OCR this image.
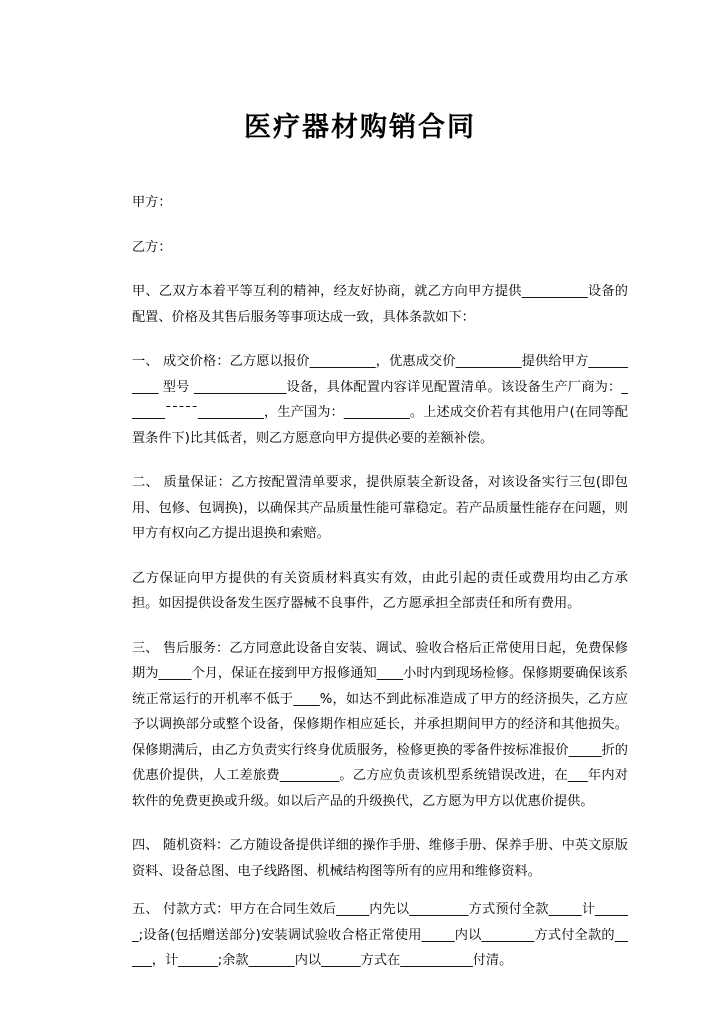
医疗器材购销合同

甲方：

乙方：

甲、乙双方本着平等互利的精神，经友好协商，就乙方向甲方提供__________设备的配置、价格及其售后服务等事项达成一致，具体条款如下：

一、 成交价格：乙方愿以报价__________，优惠成交价__________提供给甲方__________ 型号 ______________设备，具体配置内容详见配置清单。该设备生产厂商为：______ˉˉˉˉˉ__________，生产国为：__________。上述成交价若有其他用户(在同等配置条件下)比其低者，则乙方愿意向甲方提供必要的差额补偿。

二、 质量保证：乙方按配置清单要求，提供原装全新设备，对该设备实行三包(即包用、包修、包调换)，以确保其产品质量性能可靠稳定。若产品质量性能存在问题，则甲方有权向乙方提出退换和索赔。

乙方保证向甲方提供的有关资质材料真实有效，由此引起的责任或费用均由乙方承担。如因提供设备发生医疗器械不良事件，乙方愿承担全部责任和所有费用。

三、 售后服务：乙方同意此设备自安装、调试、验收合格后正常使用日起，免费保修期为_____个月，保证在接到甲方报修通知____小时内到现场检修。保修期要确保该系统正常运行的开机率不低于____%，如达不到此标准造成了甲方的经济损失，乙方应予以调换部分或整个设备，保修期作相应延长，并承担期间甲方的经济和其他损失。保修期满后，由乙方负责实行终身优质服务，检修更换的零备件按标准报价_____折的优惠价提供，人工差旅费_________。乙方应负责该机型系统错误改进，在___年内对软件的免费更换或升级。如以后产品的升级换代，乙方愿为甲方以优惠价提供。

四、 随机资料：乙方随设备提供详细的操作手册、维修手册、保养手册、中英文原版资料、设备总图、电子线路图、机械结构图等所有的应用和维修资料。

五、 付款方式：甲方在合同生效后_____内先以_________方式预付全款_____计______;设备(包括赠送部分)安装调试验收合格正常使用_____内以________方式付全款的_____，计______;余款_______内以______方式在___________付清。
